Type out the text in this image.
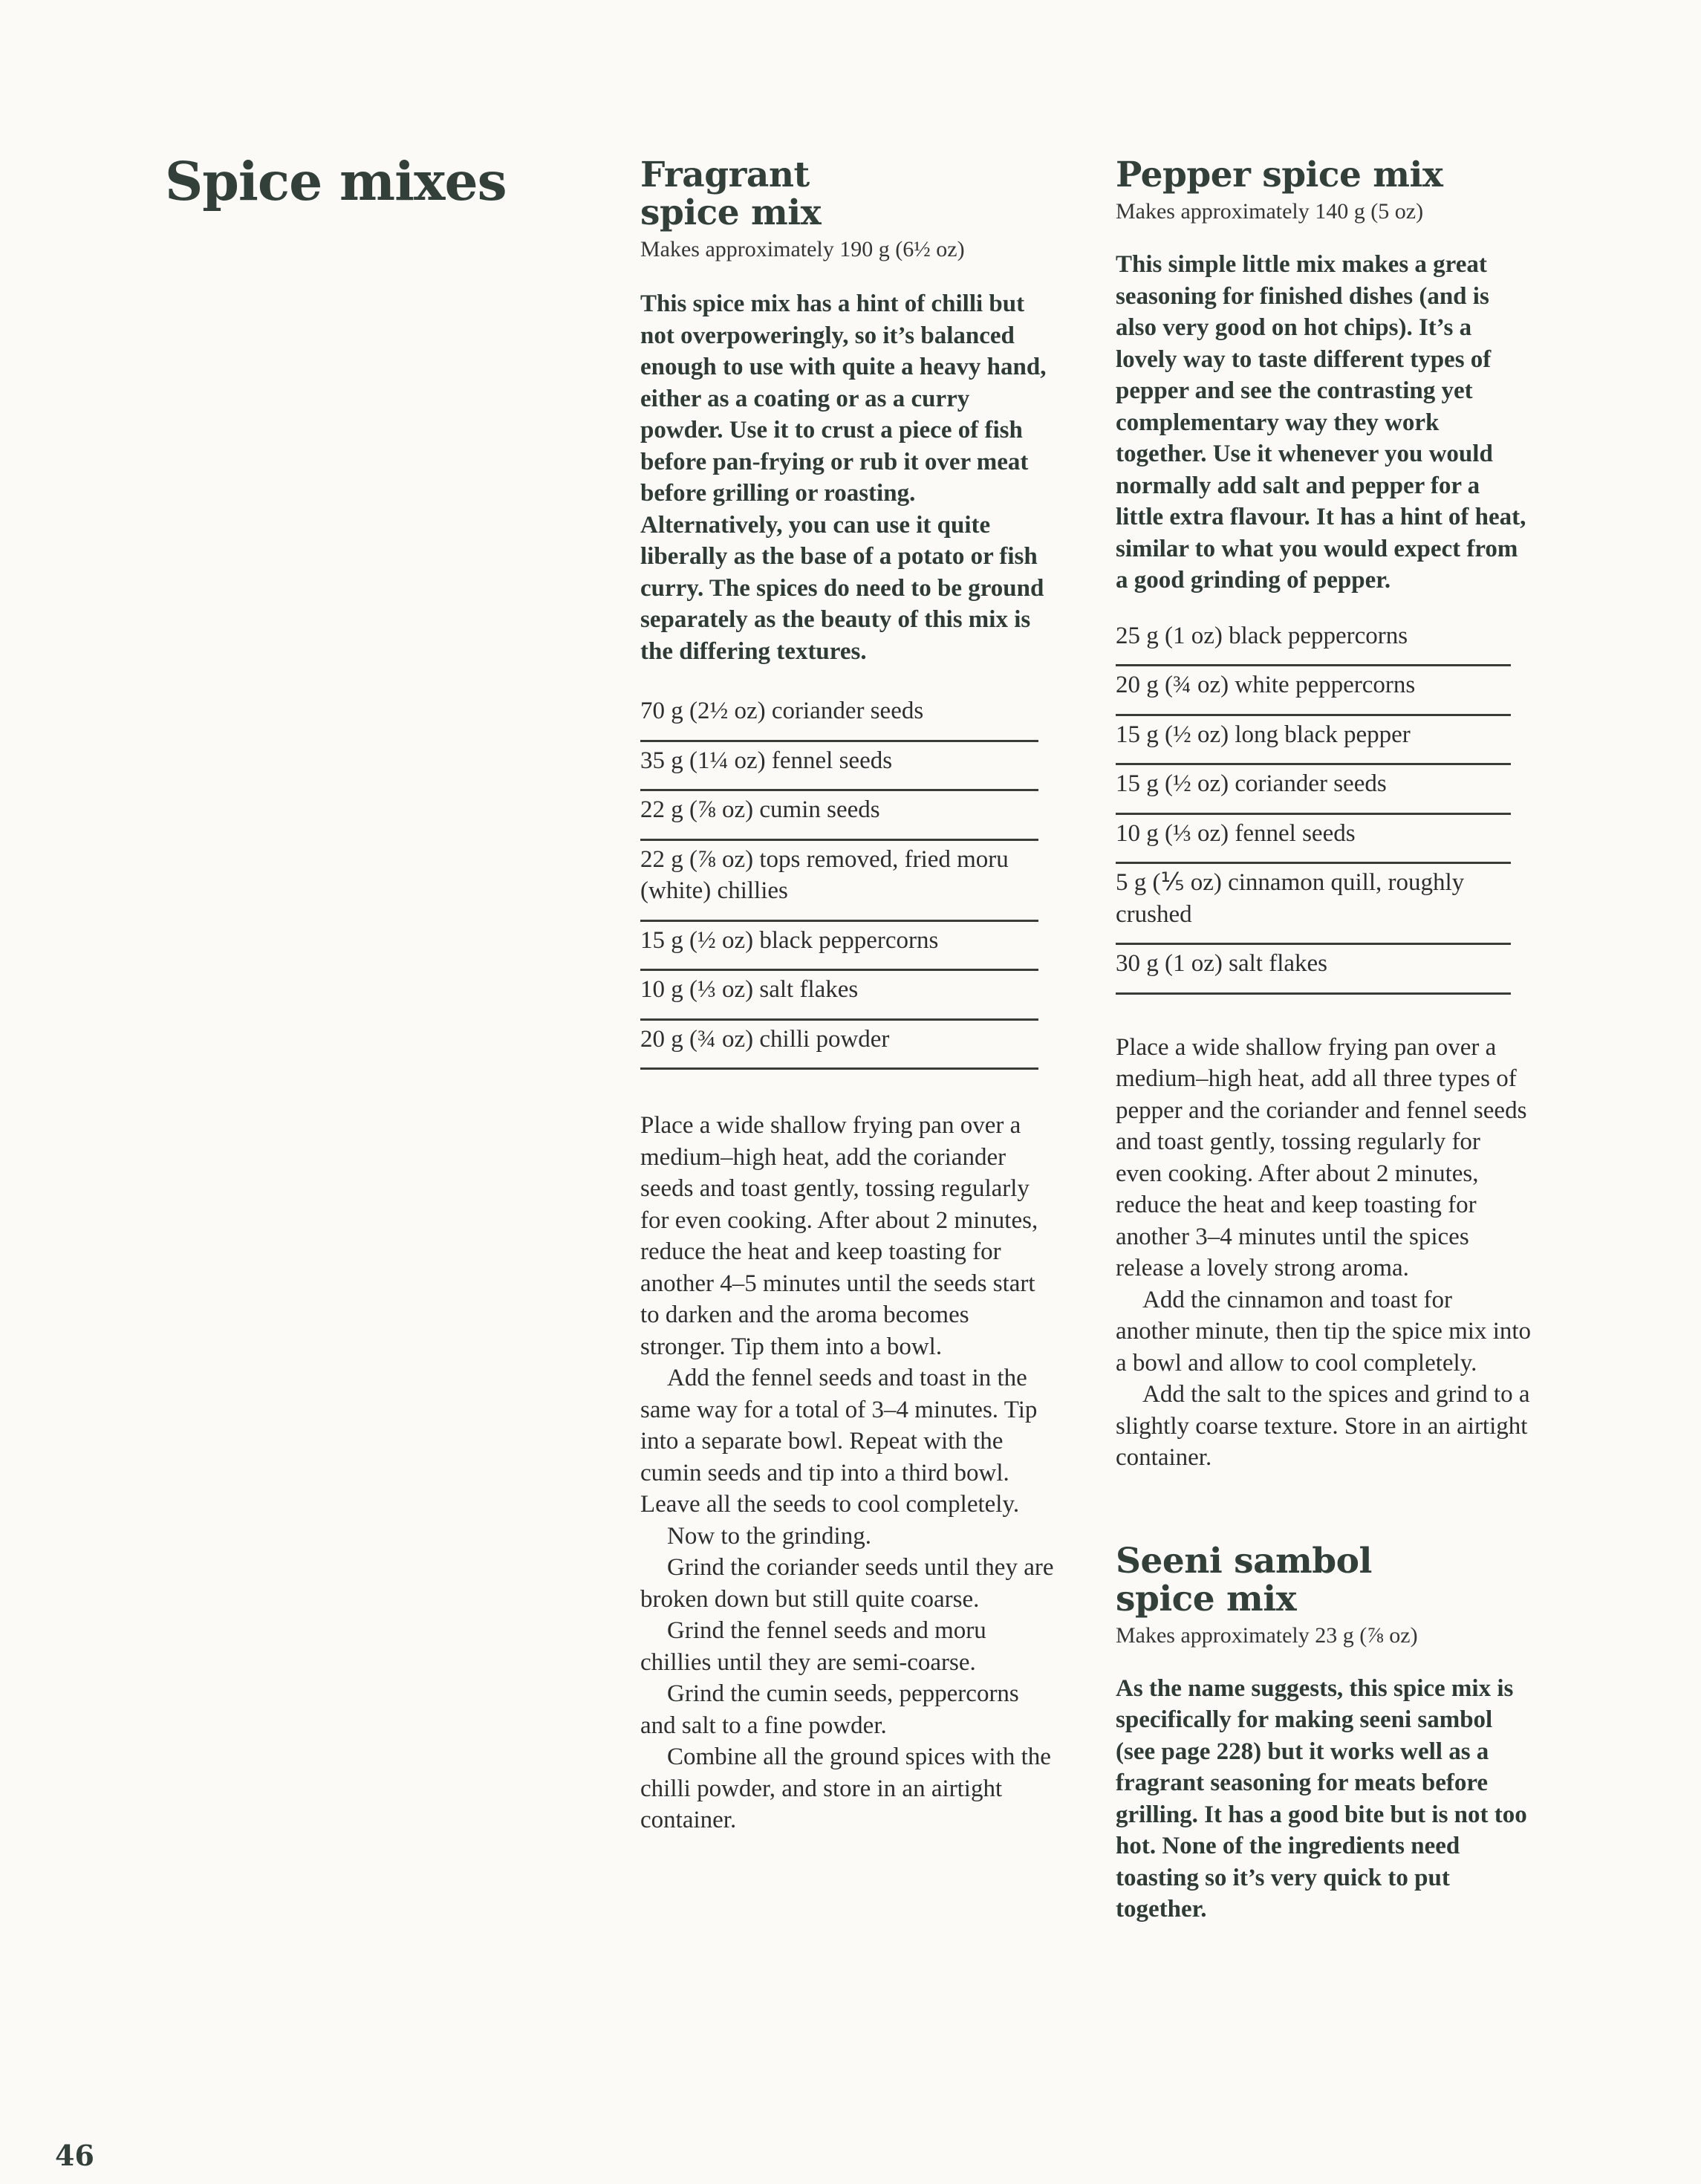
Spice mixes	Fragrant
spice mix

Makes approximately 190 g (6½ oz)

This spice mix has a hint of chilli but not overpoweringly, so it’s balanced enough to use with quite a heavy hand, either as a coating or as a curry powder. Use it to crust a piece of fish before pan-frying or rub it over meat before grilling or roasting. Alternatively, you can use it quite liberally as the base of a potato or fish curry. The spices do need to be ground separately as the beauty of this mix is the differing textures.

70 g (2½ oz) coriander seeds
35 g (1¼ oz) fennel seeds
22 g (⅞ oz) cumin seeds
22 g (⅞ oz) tops removed, fried moru (white) chillies
15 g (½ oz) black peppercorns
10 g (⅓ oz) salt flakes
20 g (¾ oz) chilli powder

Place a wide shallow frying pan over a medium–high heat, add the coriander seeds and toast gently, tossing regularly for even cooking. After about 2 minutes, reduce the heat and keep toasting for another 4–5 minutes until the seeds start to darken and the aroma becomes stronger. Tip them into a bowl.

Add the fennel seeds and toast in the same way for a total of 3–4 minutes. Tip into a separate bowl. Repeat with the cumin seeds and tip into a third bowl. Leave all the seeds to cool completely.

Now to the grinding.

Grind the coriander seeds until they are broken down but still quite coarse.

Grind the fennel seeds and moru chillies until they are semi-coarse.

Grind the cumin seeds, peppercorns and salt to a fine powder.

Combine all the ground spices with the chilli powder, and store in an airtight container.

Pepper spice mix

Makes approximately 140 g (5 oz)

This simple little mix makes a great seasoning for finished dishes (and is also very good on hot chips). It’s a lovely way to taste different types of pepper and see the contrasting yet complementary way they work together. Use it whenever you would normally add salt and pepper for a little extra flavour. It has a hint of heat, similar to what you would expect from a good grinding of pepper.

25 g (1 oz) black peppercorns
20 g (¾ oz) white peppercorns
15 g (½ oz) long black pepper
15 g (½ oz) coriander seeds
10 g (⅓ oz) fennel seeds
5 g (⅕ oz) cinnamon quill, roughly crushed
30 g (1 oz) salt flakes

Place a wide shallow frying pan over a medium–high heat, add all three types of pepper and the coriander and fennel seeds and toast gently, tossing regularly for even cooking. After about 2 minutes, reduce the heat and keep toasting for another 3–4 minutes until the spices release a lovely strong aroma.

Add the cinnamon and toast for another minute, then tip the spice mix into a bowl and allow to cool completely.

Add the salt to the spices and grind to a slightly coarse texture. Store in an airtight container.

Seeni sambol
spice mix

Makes approximately 23 g (⅞ oz)

As the name suggests, this spice mix is specifically for making seeni sambol (see page 228) but it works well as a fragrant seasoning for meats before grilling. It has a good bite but is not too hot. None of the ingredients need toasting so it’s very quick to put together.

46
